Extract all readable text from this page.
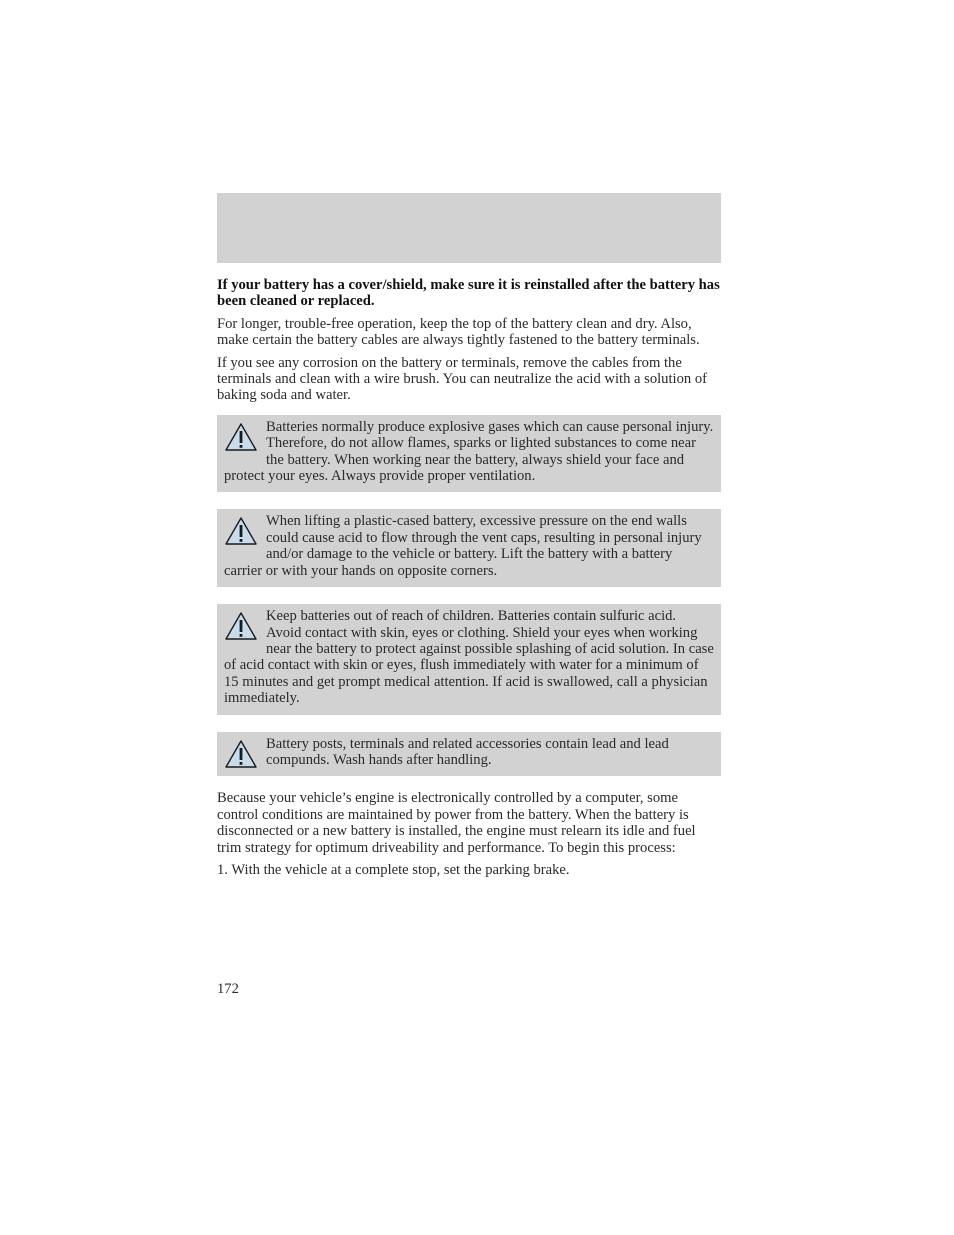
If your battery has a cover/shield, make sure it is reinstalled after the battery has been cleaned or replaced.

For longer, trouble-free operation, keep the top of the battery clean and dry. Also, make certain the battery cables are always tightly fastened to the battery terminals.

If you see any corrosion on the battery or terminals, remove the cables from the terminals and clean with a wire brush. You can neutralize the acid with a solution of baking soda and water.

Batteries normally produce explosive gases which can cause personal injury. Therefore, do not allow flames, sparks or lighted substances to come near the battery. When working near the battery, always shield your face and protect your eyes. Always provide proper ventilation.

When lifting a plastic-cased battery, excessive pressure on the end walls could cause acid to flow through the vent caps, resulting in personal injury and/or damage to the vehicle or battery. Lift the battery with a battery carrier or with your hands on opposite corners.

Keep batteries out of reach of children. Batteries contain sulfuric acid. Avoid contact with skin, eyes or clothing. Shield your eyes when working near the battery to protect against possible splashing of acid solution. In case of acid contact with skin or eyes, flush immediately with water for a minimum of 15 minutes and get prompt medical attention. If acid is swallowed, call a physician immediately.

Battery posts, terminals and related accessories contain lead and lead compunds. Wash hands after handling.

Because your vehicle’s engine is electronically controlled by a computer, some control conditions are maintained by power from the battery. When the battery is disconnected or a new battery is installed, the engine must relearn its idle and fuel trim strategy for optimum driveability and performance. To begin this process:

1. With the vehicle at a complete stop, set the parking brake.

172
